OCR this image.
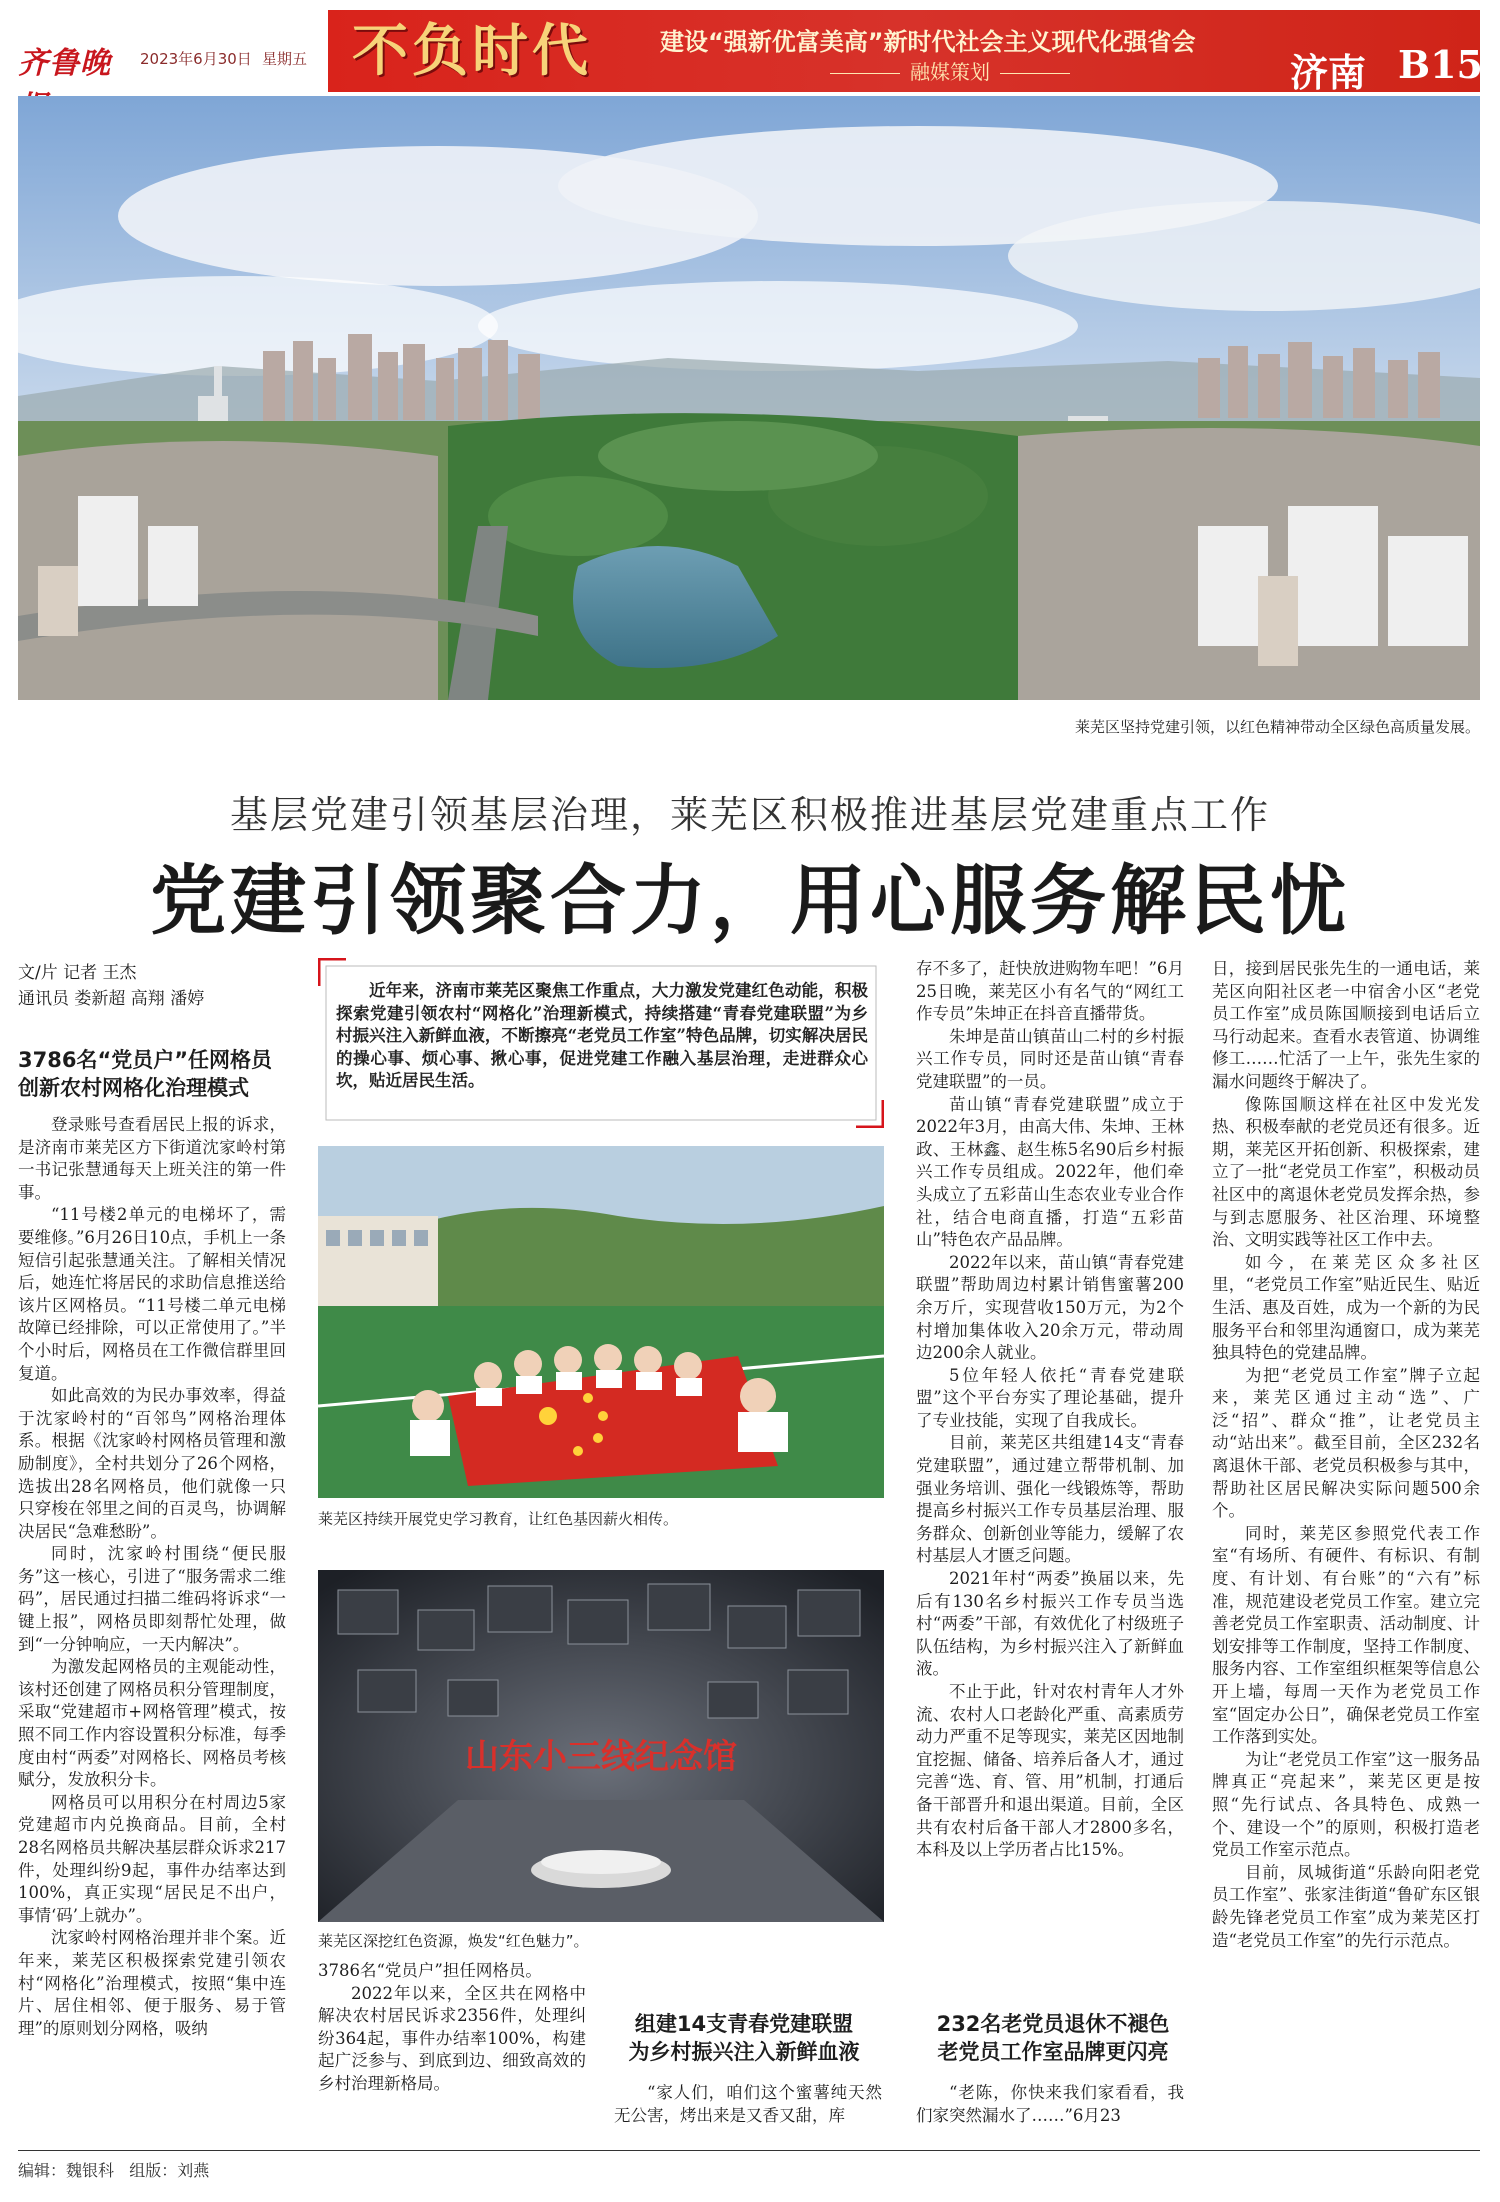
齐鲁晚	2023年6月30日 星期五 不负时代	建设“强新优富美高”新时代社会主义现代化强省会
融媒策划	济南 B15
莱芜区坚持党建引领，以红色精神带动全区绿色高质量发展。
基层党建引领基层治理，莱芜区积极推进基层党建重点工作
党建引领聚合力，用心服务解民忧
文/片 记者 王杰
通讯员 娄新超 高翔 潘婷
3786名“党员户”任网格员
创新农村网格化治理模式

登录账号查看居民上报的诉求，是济南市莱芜区方下街道沈家岭村第一书记张慧通每天上班关注的第一件事。

“11号楼2单元的电梯坏了，需要维修。”6月26日10点，手机上一条短信引起张慧通关注。了解相关情况后，她连忙将居民的求助信息推送给该片区网格员。“11号楼二单元电梯故障已经排除，可以正常使用了。”半个小时后，网格员在工作微信群里回复道。

如此高效的为民办事效率，得益于沈家岭村的“百邻鸟”网格治理体系。根据《沈家岭村网格员管理和激励制度》，全村共划分了26个网格，选拔出28名网格员，他们就像一只只穿梭在邻里之间的百灵鸟，协调解决居民“急难愁盼”。

同时，沈家岭村围绕“便民服务”这一核心，引进了“服务需求二维码”，居民通过扫描二维码将诉求“一键上报”，网格员即刻帮忙处理，做到“一分钟响应，一天内解决”。

为激发起网格员的主观能动性，该村还创建了网格员积分管理制度，采取“党建超市+网格管理”模式，按照不同工作内容设置积分标准，每季度由村“两委”对网格长、网格员考核赋分，发放积分卡。

网格员可以用积分在村周边5家党建超市内兑换商品。目前，全村28名网格员共解决基层群众诉求217件，处理纠纷9起，事件办结率达到100%，真正实现“居民足不出户，事情‘码’上就办”。

沈家岭村网格治理并非个案。近年来，莱芜区积极探索党建引领农村“网格化”治理模式，按照“集中连片、居住相邻、便于服务、易于管理”的原则划分网格，吸纳

近年来，济南市莱芜区聚焦工作重点，大力激发党建红色动能，积极探索党建引领农村“网格化”治理新模式，持续搭建“青春党建联盟”为乡村振兴注入新鲜血液，不断擦亮“老党员工作室”特色品牌，切实解决居民的操心事、烦心事、揪心事，促进党建工作融入基层治理，走进群众心坎，贴近居民生活。

莱芜区持续开展党史学习教育，让红色基因薪火相传。
山东小三线纪念馆
莱芜区深挖红色资源，焕发“红色魅力”。

3786名“党员户”担任网格员。

2022年以来，全区共在网格中解决农村居民诉求2356件，处理纠纷364起，事件办结率100%，构建起广泛参与、到底到边、细致高效的乡村治理新格局。

组建14支青春党建联盟
为乡村振兴注入新鲜血液

“家人们，咱们这个蜜薯纯天然无公害，烤出来是又香又甜，库

存不多了，赶快放进购物车吧！”6月25日晚，莱芜区小有名气的“网红工作专员”朱坤正在抖音直播带货。

朱坤是苗山镇苗山二村的乡村振兴工作专员，同时还是苗山镇“青春党建联盟”的一员。

苗山镇“青春党建联盟”成立于2022年3月，由高大伟、朱坤、王林政、王林鑫、赵生栋5名90后乡村振兴工作专员组成。2022年，他们牵头成立了五彩苗山生态农业专业合作社，结合电商直播，打造“五彩苗山”特色农产品品牌。

2022年以来，苗山镇“青春党建联盟”帮助周边村累计销售蜜薯200余万斤，实现营收150万元，为2个村增加集体收入20余万元，带动周边200余人就业。

5位年轻人依托“青春党建联盟”这个平台夯实了理论基础，提升了专业技能，实现了自我成长。

目前，莱芜区共组建14支“青春党建联盟”，通过建立帮带机制、加强业务培训、强化一线锻炼等，帮助提高乡村振兴工作专员基层治理、服务群众、创新创业等能力，缓解了农村基层人才匮乏问题。

2021年村“两委”换届以来，先后有130名乡村振兴工作专员当选村“两委”干部，有效优化了村级班子队伍结构，为乡村振兴注入了新鲜血液。

不止于此，针对农村青年人才外流、农村人口老龄化严重、高素质劳动力严重不足等现实，莱芜区因地制宜挖掘、储备、培养后备人才，通过完善“选、育、管、用”机制，打通后备干部晋升和退出渠道。目前，全区共有农村后备干部人才2800多名，本科及以上学历者占比15%。

232名老党员退休不褪色
老党员工作室品牌更闪亮

“老陈，你快来我们家看看，我们家突然漏水了……”6月23

日，接到居民张先生的一通电话，莱芜区向阳社区老一中宿舍小区“老党员工作室”成员陈国顺接到电话后立马行动起来。查看水表管道、协调维修工……忙活了一上午，张先生家的漏水问题终于解决了。

像陈国顺这样在社区中发光发热、积极奉献的老党员还有很多。近期，莱芜区开拓创新、积极探索，建立了一批“老党员工作室”，积极动员社区中的离退休老党员发挥余热，参与到志愿服务、社区治理、环境整治、文明实践等社区工作中去。

如今，在莱芜区众多社区里，“老党员工作室”贴近民生、贴近生活、惠及百姓，成为一个新的为民服务平台和邻里沟通窗口，成为莱芜独具特色的党建品牌。

为把“老党员工作室”牌子立起来，莱芜区通过主动“选”、广泛“招”、群众“推”，让老党员主动“站出来”。截至目前，全区232名离退休干部、老党员积极参与其中，帮助社区居民解决实际问题500余个。

同时，莱芜区参照党代表工作室“有场所、有硬件、有标识、有制度、有计划、有台账”的“六有”标准，规范建设老党员工作室。建立完善老党员工作室职责、活动制度、计划安排等工作制度，坚持工作制度、服务内容、工作室组织框架等信息公开上墙，每周一天作为老党员工作室“固定办公日”，确保老党员工作室工作落到实处。

为让“老党员工作室”这一服务品牌真正“亮起来”，莱芜区更是按照“先行试点、各具特色、成熟一个、建设一个”的原则，积极打造老党员工作室示范点。

目前，凤城街道“乐龄向阳老党员工作室”、张家洼街道“鲁矿东区银龄先锋老党员工作室”成为莱芜区打造“老党员工作室”的先行示范点。

编辑：魏银科 组版：刘燕
